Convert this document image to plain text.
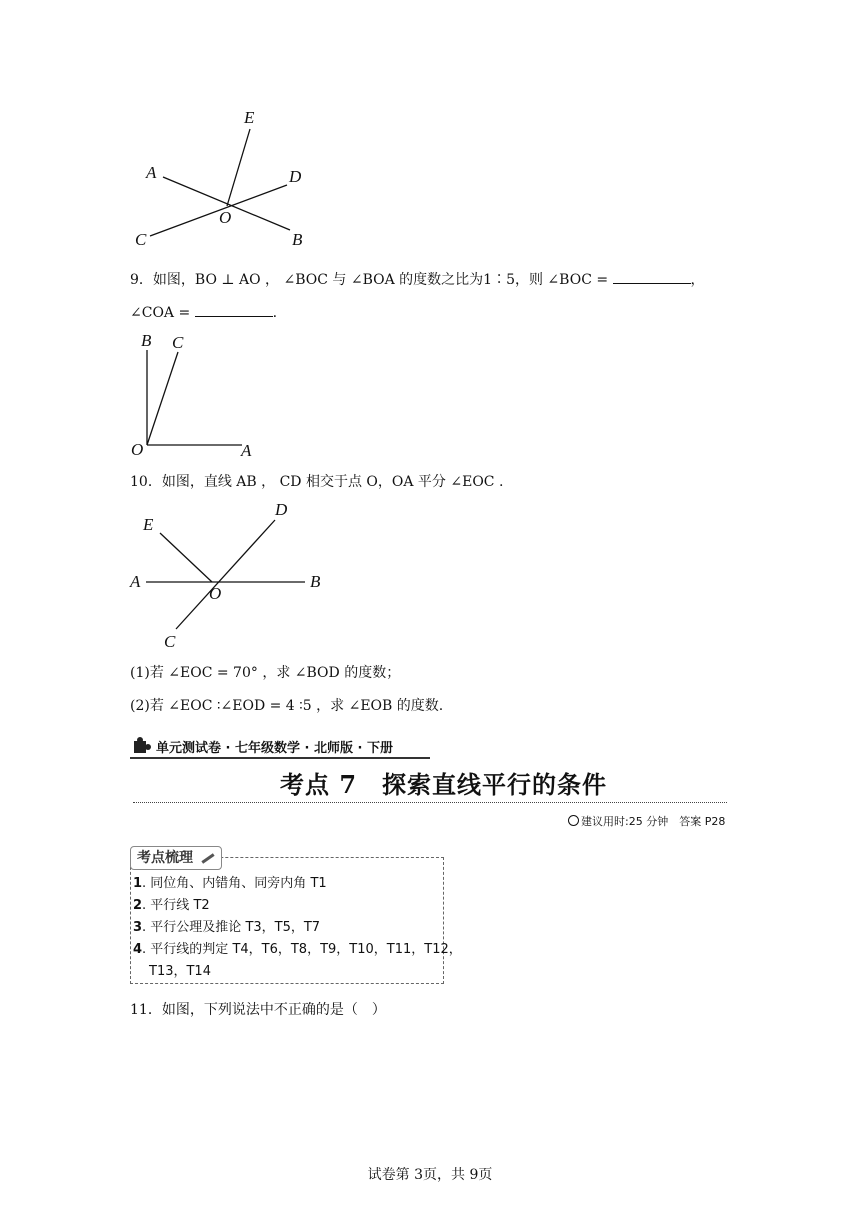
E
A	D
O
C	B
9．如图，BO ⊥ AO ， ∠BOC 与 ∠BOA 的度数之比为1∶5，则 ∠BOC =	，
∠COA =	.
B C
O	A
10．如图，直线 AB ， CD 相交于点 O，OA 平分 ∠EOC .
E
D
A
O
B
C
(1)若 ∠EOC = 70° ，求 ∠BOD 的度数；
(2)若 ∠EOC ∶∠EOD = 4 ∶5 ，求 ∠EOB 的度数.
单元测试卷 · 七年级数学 · 北师版 · 下册
考点 7　探索直线平行的条件
建议用时:25 分钟　答案 P28
考点梳理
1. 同位角、内错角、同旁内角 T1
2. 平行线 T2
3. 平行公理及推论 T3，T5，T7
4. 平行线的判定 T4，T6，T8，T9，T10，T11，T12，
T13，T14
11．如图，下列说法中不正确的是（　）
试卷第 3页，共 9页
